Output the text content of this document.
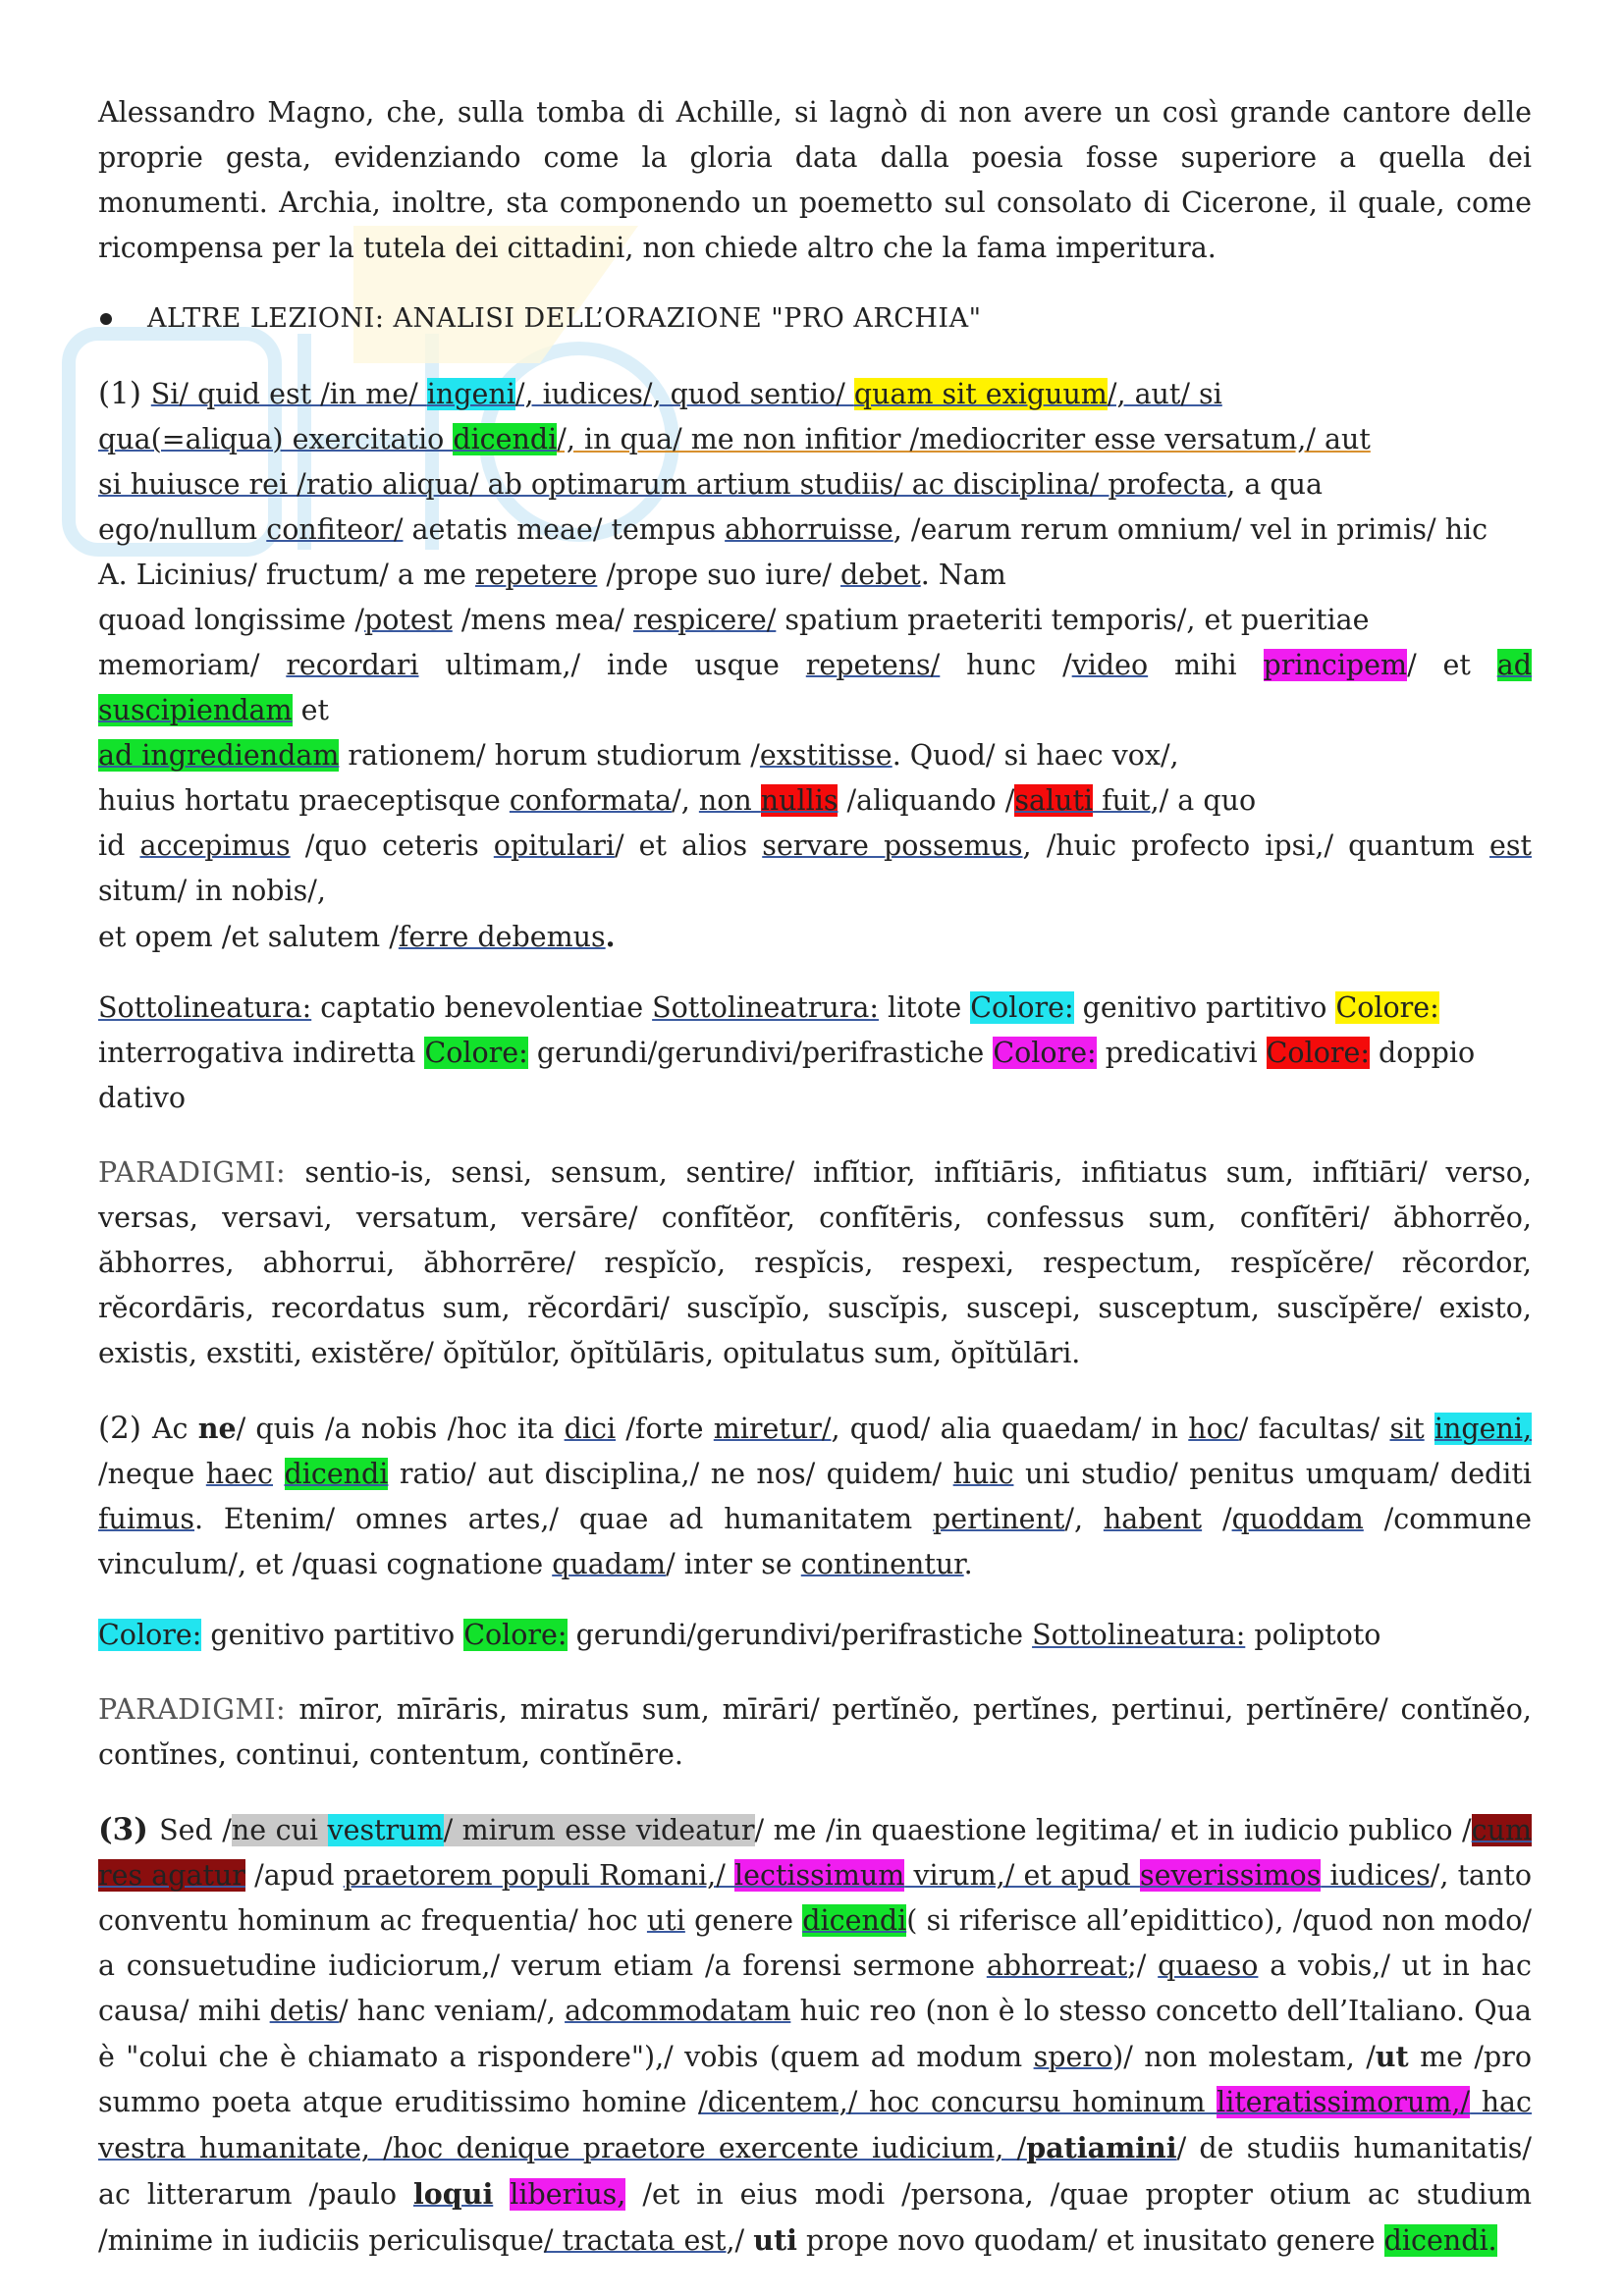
Alessandro Magno, che, sulla tomba di Achille, si lagnò di non avere un così grande cantore delle proprie gesta, evidenziando come la gloria data dalla poesia fosse superiore a quella dei monumenti. Archia, inoltre, sta componendo un poemetto sul consolato di Cicerone, il quale, come ricompensa per la tutela dei cittadini, non chiede altro che la fama imperitura.

ALTRE LEZIONI: ANALISI DELL’ORAZIONE "PRO ARCHIA"
(1) Si/ quid est /in me/ ingeni/, iudices/, quod sentio/ quam sit exiguum/, aut/ si
qua(=aliqua) exercitatio dicendi/, in qua/ me non infitior /mediocriter esse versatum,/ aut
si huiusce rei /ratio aliqua/ ab optimarum artium studiis/ ac disciplina/ profecta, a qua
ego/nullum confiteor/ aetatis meae/ tempus abhorruisse, /earum rerum omnium/ vel in primis/ hic
A. Licinius/ fructum/ a me repetere /prope suo iure/ debet. Nam
quoad longissime /potest /mens mea/ respicere/ spatium praeteriti temporis/, et pueritiae
memoriam/ recordari ultimam,/ inde usque repetens/ hunc /video mihi principem/ et ad suscipiendam et
ad ingrediendam rationem/ horum studiorum /exstitisse. Quod/ si haec vox/,
huius hortatu praeceptisque conformata/, non nullis /aliquando /saluti fuit,/ a quo
id accepimus /quo ceteris opitulari/ et alios servare possemus, /huic profecto ipsi,/ quantum est situm/ in nobis/,
et opem /et salutem /ferre debemus.
Sottolineatura: captatio benevolentiae Sottolineatrura: litote Colore: genitivo partitivo Colore: interrogativa indiretta Colore: gerundi/gerundivi/perifrastiche Colore: predicativi Colore: doppio dativo

PARADIGMI: sentio-is, sensi, sensum, sentire/ infĭtior, infĭtiāris, infitiatus sum, infĭtiāri/ verso, versas, versavi, versatum, versāre/ confĭtĕor, confĭtēris, confessus sum, confĭtēri/ ăbhorrĕo, ăbhorres, abhorrui, ăbhorrēre/ respĭcĭo, respĭcis, respexi, respectum, respĭcĕre/ rĕcordor, rĕcordāris, recordatus sum, rĕcordāri/ suscĭpĭo, suscĭpis, suscepi, susceptum, suscĭpĕre/ existo, existis, exstiti, existĕre/ ŏpĭtŭlor, ŏpĭtŭlāris, opitulatus sum, ŏpĭtŭlāri.

(2) Ac ne/ quis /a nobis /hoc ita dici /forte miretur/, quod/ alia quaedam/ in hoc/ facultas/ sit ingeni, /neque haec dicendi ratio/ aut disciplina,/ ne nos/ quidem/ huic uni studio/ penitus umquam/ dediti fuimus. Etenim/ omnes artes,/ quae ad humanitatem pertinent/, habent /quoddam /commune vinculum/, et /quasi cognatione quadam/ inter se continentur.
Colore: genitivo partitivo Colore: gerundi/gerundivi/perifrastiche Sottolineatura: poliptoto

PARADIGMI: mīror, mīrāris, miratus sum, mīrāri/ pertĭnĕo, pertĭnes, pertinui, pertĭnēre/ contĭnĕo, contĭnes, continui, contentum, contĭnēre.

(3) Sed /ne cui vestrum/ mirum esse videatur/ me /in quaestione legitima/ et in iudicio publico /cum res agatur /apud praetorem populi Romani,/ lectissimum virum,/ et apud severissimos iudices/, tanto conventu hominum ac frequentia/ hoc uti genere dicendi( si riferisce all’epidittico), /quod non modo/ a consuetudine iudiciorum,/ verum etiam /a forensi sermone abhorreat;/ quaeso a vobis,/ ut in hac causa/ mihi detis/ hanc veniam/, adcommodatam huic reo (non è lo stesso concetto dell’Italiano. Qua è "colui che è chiamato a rispondere"),/ vobis (quem ad modum spero)/ non molestam, /ut me /pro summo poeta atque eruditissimo homine /dicentem,/ hoc concursu hominum literatissimorum,/ hac vestra humanitate, /hoc denique praetore exercente iudicium, /patiamini/ de studiis humanitatis/ ac litterarum /paulo loqui liberius, /et in eius modi /persona, /quae propter otium ac studium /minime in iudiciis periculisque/ tractata est,/ uti prope novo quodam/ et inusitato genere dicendi.
